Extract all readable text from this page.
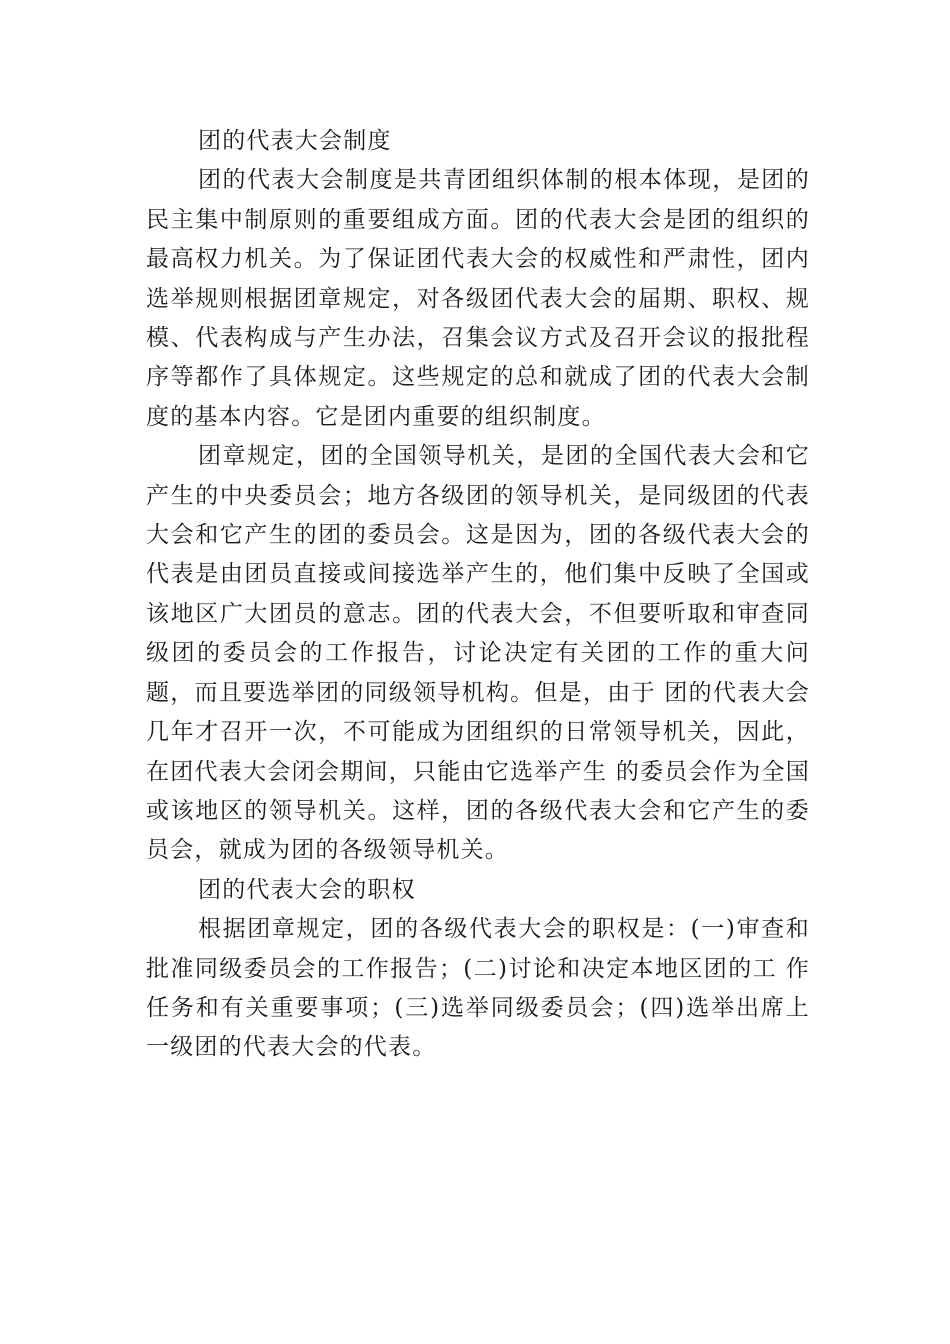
团的代表大会制度

团的代表大会制度是共青团组织体制的根本体现，是团的民主集中制原则的重要组成方面。团的代表大会是团的组织的最高权力机关。为了保证团代表大会的权威性和严肃性，团内选举规则根据团章规定，对各级团代表大会的届期、职权、规模、代表构成与产生办法，召集会议方式及召开会议的报批程序等都作了具体规定。这些规定的总和就成了团的代表大会制度的基本内容。它是团内重要的组织制度。

团章规定，团的全国领导机关，是团的全国代表大会和它产生的中央委员会；地方各级团的领导机关，是同级团的代表大会和它产生的团的委员会。这是因为，团的各级代表大会的代表是由团员直接或间接选举产生的，他们集中反映了全国或该地区广大团员的意志。团的代表大会，不但要听取和审查同级团的委员会的工作报告，讨论决定有关团的工作的重大问题，而且要选举团的同级领导机构。但是，由于 团的代表大会几年才召开一次，不可能成为团组织的日常领导机关，因此，在团代表大会闭会期间，只能由它选举产生 的委员会作为全国或该地区的领导机关。这样，团的各级代表大会和它产生的委员会，就成为团的各级领导机关。

团的代表大会的职权

根据团章规定，团的各级代表大会的职权是：(一)审查和批准同级委员会的工作报告；(二)讨论和决定本地区团的工 作任务和有关重要事项；(三)选举同级委员会；(四)选举出席上一级团的代表大会的代表。
